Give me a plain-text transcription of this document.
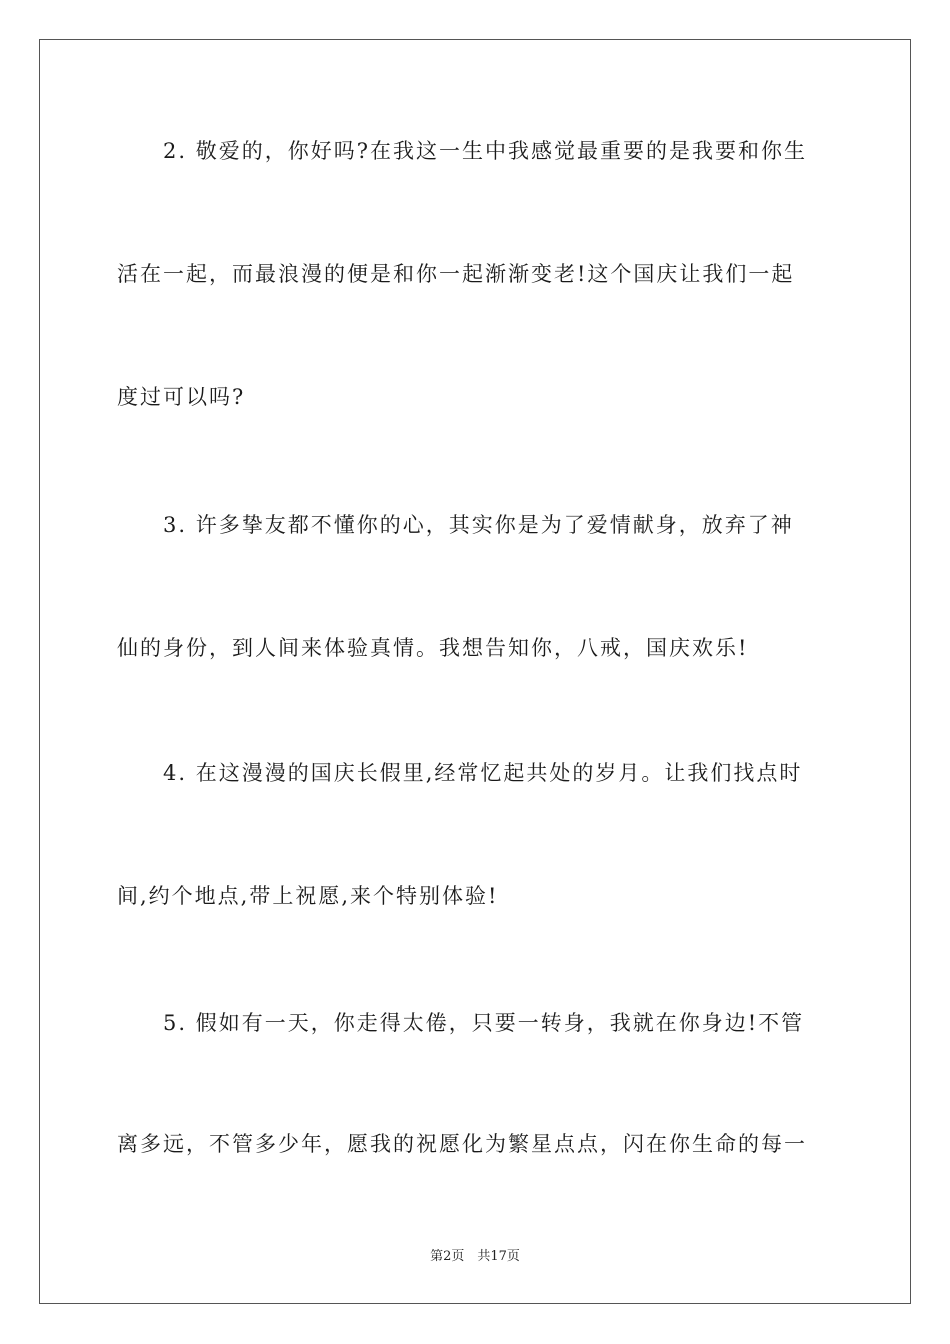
2. 敬爱的，你好吗?在我这一生中我感觉最重要的是我要和你生
活在一起，而最浪漫的便是和你一起渐渐变老!这个国庆让我们一起
度过可以吗?
3. 许多挚友都不懂你的心，其实你是为了爱情献身，放弃了神
仙的身份，到人间来体验真情。我想告知你，八戒，国庆欢乐!
4. 在这漫漫的国庆长假里,经常忆起共处的岁月。让我们找点时
间,约个地点,带上祝愿,来个特别体验!
5. 假如有一天，你走得太倦，只要一转身，我就在你身边!不管
离多远，不管多少年，愿我的祝愿化为繁星点点，闪在你生命的每一
第2页　共17页
